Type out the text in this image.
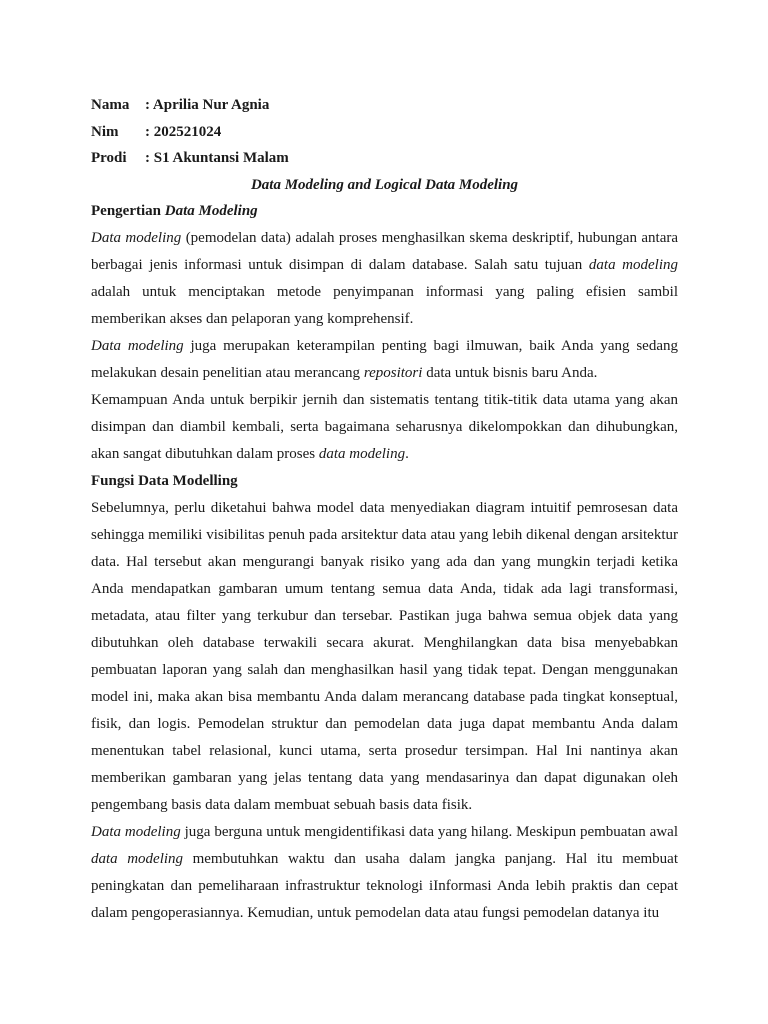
Nama	: Aprilia Nur Agnia
Nim	: 202521024
Prodi	: S1 Akuntansi Malam
Data Modeling and Logical Data Modeling
Pengertian Data Modeling

Data modeling (pemodelan data) adalah proses menghasilkan skema deskriptif, hubungan antara berbagai jenis informasi untuk disimpan di dalam database. Salah satu tujuan data modeling adalah untuk menciptakan metode penyimpanan informasi yang paling efisien sambil memberikan akses dan pelaporan yang komprehensif.

Data modeling juga merupakan keterampilan penting bagi ilmuwan, baik Anda yang sedang melakukan desain penelitian atau merancang repositori data untuk bisnis baru Anda.

Kemampuan Anda untuk berpikir jernih dan sistematis tentang titik-titik data utama yang akan disimpan dan diambil kembali, serta bagaimana seharusnya dikelompokkan dan dihubungkan, akan sangat dibutuhkan dalam proses data modeling.

Fungsi Data Modelling

Sebelumnya, perlu diketahui bahwa model data menyediakan diagram intuitif pemrosesan data sehingga memiliki visibilitas penuh pada arsitektur data atau yang lebih dikenal dengan arsitektur data. Hal tersebut akan mengurangi banyak risiko yang ada dan yang mungkin terjadi ketika Anda mendapatkan gambaran umum tentang semua data Anda, tidak ada lagi transformasi, metadata, atau filter yang terkubur dan tersebar. Pastikan juga bahwa semua objek data yang dibutuhkan oleh database terwakili secara akurat. Menghilangkan data bisa menyebabkan pembuatan laporan yang salah dan menghasilkan hasil yang tidak tepat. Dengan menggunakan model ini, maka akan bisa membantu Anda dalam merancang database pada tingkat konseptual, fisik, dan logis. Pemodelan struktur dan pemodelan data juga dapat membantu Anda dalam menentukan tabel relasional, kunci utama, serta prosedur tersimpan. Hal Ini nantinya akan memberikan gambaran yang jelas tentang data yang mendasarinya dan dapat digunakan oleh pengembang basis data dalam membuat sebuah basis data fisik.

Data modeling juga berguna untuk mengidentifikasi data yang hilang. Meskipun pembuatan awal data modeling membutuhkan waktu dan usaha dalam jangka panjang. Hal itu membuat peningkatan dan pemeliharaan infrastruktur teknologi iInformasi Anda lebih praktis dan cepat dalam pengoperasiannya. Kemudian, untuk pemodelan data atau fungsi pemodelan datanya itu
